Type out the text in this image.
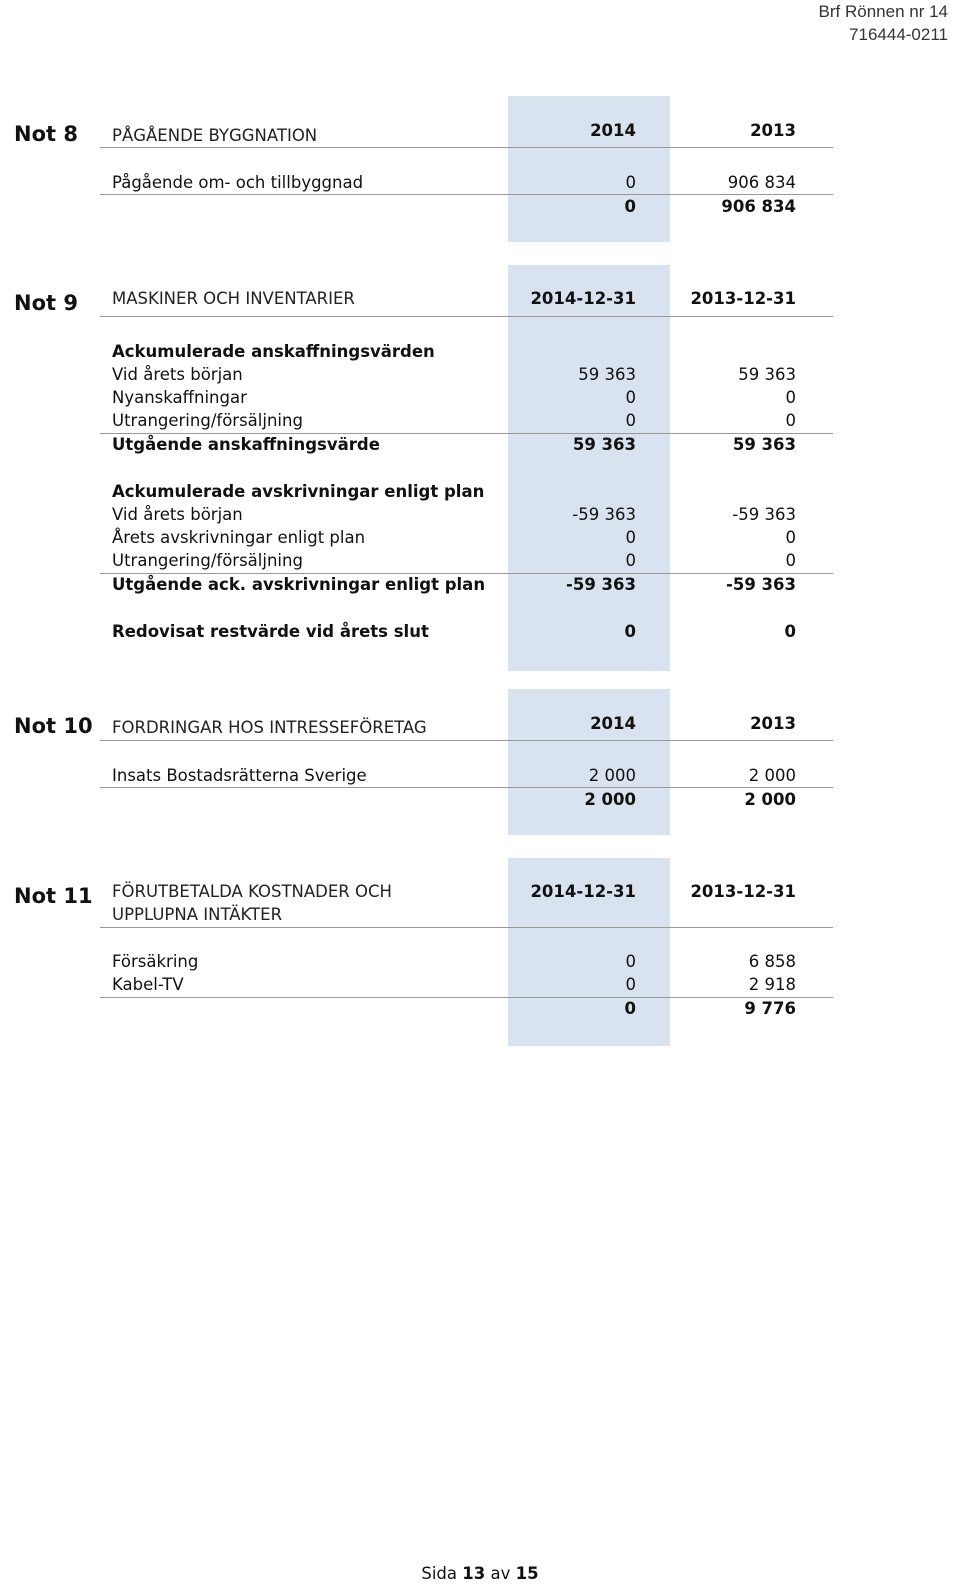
Brf Rönnen nr 14
716444-0211
Not 8 PÅGÅENDE BYGGNATION	2014	2013
Pågående om- och tillbyggnad	0	906 834
0	906 834
Not 9 MASKINER OCH INVENTARIER	2014-12-31	2013-12-31
Ackumulerade anskaffningsvärden
Vid årets början	59 363	59 363
Nyanskaffningar	0	0
Utrangering/försäljning	0	0
Utgående anskaffningsvärde	59 363	59 363
Ackumulerade avskrivningar enligt plan
Vid årets början	-59 363	-59 363
Årets avskrivningar enligt plan	0	0
Utrangering/försäljning	0	0
Utgående ack. avskrivningar enligt plan	-59 363	-59 363
Redovisat restvärde vid årets slut	0	0
Not 10 FORDRINGAR HOS INTRESSEFÖRETAG	2014	2013
Insats Bostadsrätterna Sverige	2 000	2 000
2 000	2 000
Not 11 FÖRUTBETALDA KOSTNADER OCH
UPPLUPNA INTÄKTER
2014-12-31	2013-12-31
Försäkring	0	6 858
Kabel-TV	0	2 918
0	9 776
Sida 13 av 15
